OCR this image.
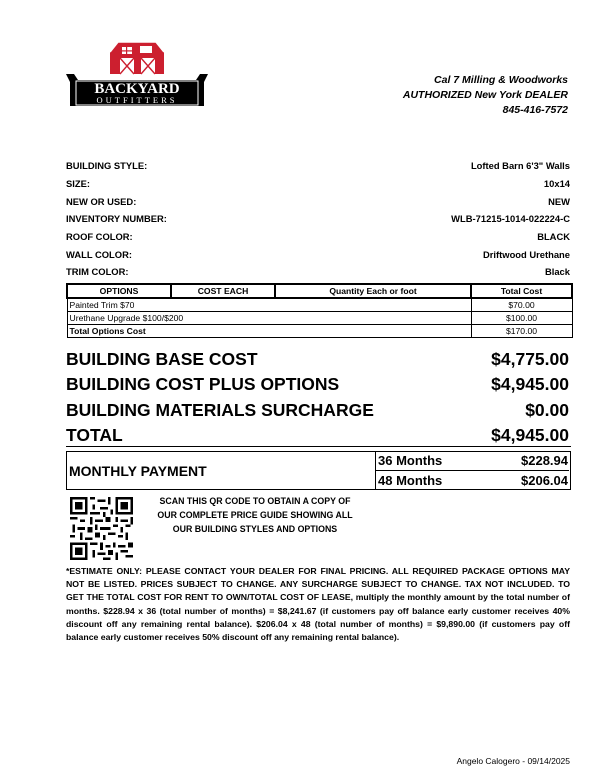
BACKYARD
OUTFITTERS
Cal 7 Milling & Woodworks
AUTHORIZED New York DEALER
845-416-7572
BUILDING STYLE:	Lofted Barn 6'3" Walls
SIZE:	10x14
NEW OR USED:	NEW
INVENTORY NUMBER:	WLB-71215-1014-022224-C
ROOF COLOR:	BLACK
WALL COLOR:	Driftwood Urethane
TRIM COLOR:	Black
OPTIONS	COST EACH	Quantity Each or foot	Total Cost
Painted Trim $70			$70.00
Urethane Upgrade $100/$200			$100.00
Total Options Cost			$170.00
BUILDING BASE COST	$4,775.00
BUILDING COST PLUS OPTIONS	$4,945.00
BUILDING MATERIALS SURCHARGE	$0.00
TOTAL	$4,945.00
MONTHLY PAYMENT
36 Months	$228.94
48 Months	$206.04
SCAN THIS QR CODE TO OBTAIN A COPY OF
OUR COMPLETE PRICE GUIDE SHOWING ALL
OUR BUILDING STYLES AND OPTIONS
*ESTIMATE ONLY: PLEASE CONTACT YOUR DEALER FOR FINAL PRICING. ALL REQUIRED PACKAGE OPTIONS MAY NOT BE LISTED. PRICES SUBJECT TO CHANGE. ANY SURCHARGE SUBJECT TO CHANGE. TAX NOT INCLUDED. TO GET THE TOTAL COST FOR RENT TO OWN/TOTAL COST OF LEASE, multiply the monthly amount by the total number of months. $228.94 x 36 (total number of months) = $8,241.67 (if customers pay off balance early customer receives 40% discount off any remaining rental balance). $206.04 x 48 (total number of months) = $9,890.00 (if customers pay off balance early customer receives 50% discount off any remaining rental balance).
Angelo Calogero - 09/14/2025
